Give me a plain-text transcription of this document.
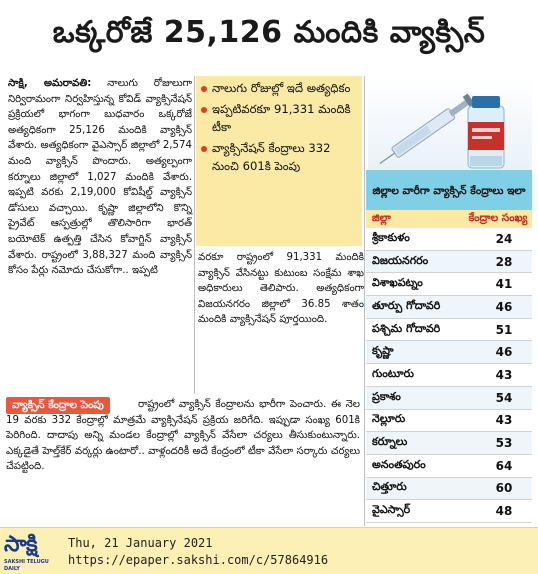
ఒక్కరోజే 25,126 మందికి వ్యాక్సిన్
సాక్షి, అమరావతి: నాలుగు రోజులుగా నిర్విరామంగా నిర్వహిస్తున్న కోవిడ్ వ్యాక్సినేషన్ ప్రక్రియలో భాగంగా బుధవారం ఒక్కరోజే అత్యధికంగా 25,126 మందికి వ్యాక్సిన్ వేశారు. అత్యధికంగా వైఎస్సార్ జిల్లాలో 2,574 మంది వ్యాక్సిన్ పొందారు. అత్యల్పంగా కర్నూలు జిల్లాలో 1,027 మందికి వేశారు. ఇప్పటి వరకు 2,19,000 కోవిషీల్డ్ వ్యాక్సిన్ డోసులు వచ్చాయి. కృష్ణా జిల్లాలోని కొన్ని ప్రైవేట్ ఆస్పత్రుల్లో తొలిసారిగా భారత్ బయోటెక్ ఉత్పత్తి చేసిన కోవాగ్జిన్ వ్యాక్సిన్ వేశారు. రాష్ట్రంలో 3,88,327 మంది వ్యాక్సిన్ కోసం పేర్లు నమోదు చేసుకోగా.. ఇప్పటి
నాలుగు రోజుల్లో ఇదే అత్యధికం
ఇప్పటివరకూ 91,331 మందికి టీకా
వ్యాక్సినేషన్ కేంద్రాలు 332 నుంచి 601కి పెంపు
వరకూ రాష్ట్రంలో 91,331 మందికి వ్యాక్సిన్ వేసినట్టు కుటుంబ సంక్షేమ శాఖ అధికారులు తెలిపారు. అత్యధికంగా విజయనగరం జిల్లాలో 36.85 శాతం మందికి వ్యాక్సినేషన్ పూర్తయింది.
జిల్లాల వారీగా వ్యాక్సిన్ కేంద్రాలు ఇలా
జిల్లా	కేంద్రాల సంఖ్య
శ్రీకాకుళం	24
విజయనగరం	28
విశాఖపట్నం	41
తూర్పు గోదావరి	46
పశ్చిమ గోదావరి	51
కృష్ణా	46
గుంటూరు	43
ప్రకాశం	54
నెల్లూరు	43
కర్నూలు	53
అనంతపురం	64
చిత్తూరు	60
వైఎస్సార్	48
రాష్ట్రంలో వ్యాక్సిన్ కేంద్రాలను భారీగా పెంచారు. ఈ నెల 19 వరకు 332 కేంద్రాల్లో మాత్రమే వ్యాక్సినేషన్ ప్రక్రియ జరిగేది. ఇప్పుడా సంఖ్య 601కి పెరిగింది. దాదాపు అన్ని మండల కేంద్రాల్లో వ్యాక్సిన్ వేసేలా చర్యలు తీసుకుంటున్నారు. ఎక్కడైతే హెల్త్‌కేర్ వర్కర్లు ఉంటారో.. వాళ్లందరికీ అదే కేంద్రంలో టీకా వేసేలా సర్కారు చర్యలు చేపట్టింది.
వ్యాక్సిన్ కేంద్రాల పెంపు
సాక్షి
SAKSHI TELUGU DAILY
Thu, 21 January 2021
https://epaper.sakshi.com/c/57864916
